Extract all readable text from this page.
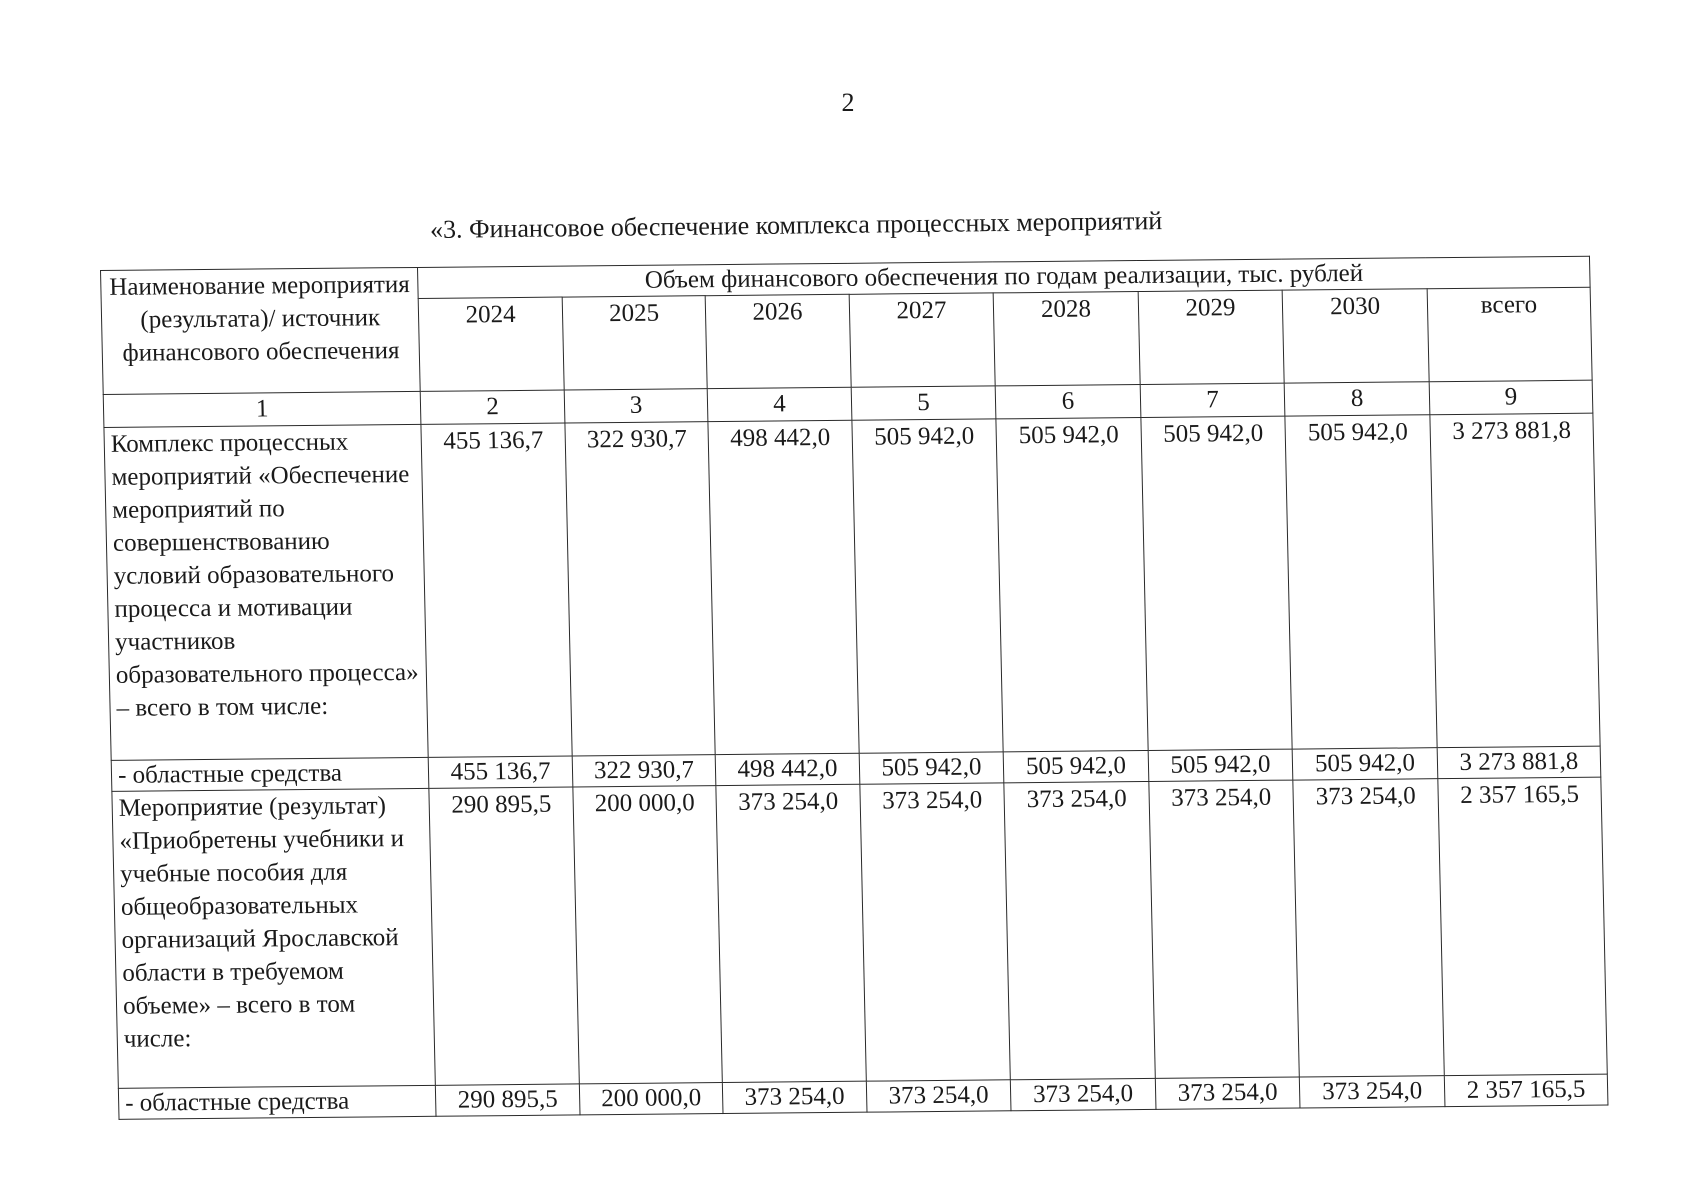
2
«3. Финансовое обеспечение комплекса процессных мероприятий
Наименование мероприятия (результата)/ источник финансового обеспечения	Объем финансового обеспечения по годам реализации, тыс. рублей							
	2024	2025	2026	2027	2028	2029	2030	всего
1	2	3	4	5	6	7	8	9
Комплекс процессных мероприятий «Обеспечение мероприятий по совершенствованию условий образовательного процесса и мотивации участников образовательного процесса» – всего в том числе:	455 136,7	322 930,7	498 442,0	505 942,0	505 942,0	505 942,0	505 942,0	3 273 881,8
- областные средства	455 136,7	322 930,7	498 442,0	505 942,0	505 942,0	505 942,0	505 942,0	3 273 881,8
Мероприятие (результат) «Приобретены учебники и учебные пособия для общеобразовательных организаций Ярославской области в требуемом объеме» – всего в том числе:	290 895,5	200 000,0	373 254,0	373 254,0	373 254,0	373 254,0	373 254,0	2 357 165,5
- областные средства	290 895,5	200 000,0	373 254,0	373 254,0	373 254,0	373 254,0	373 254,0	2 357 165,5
